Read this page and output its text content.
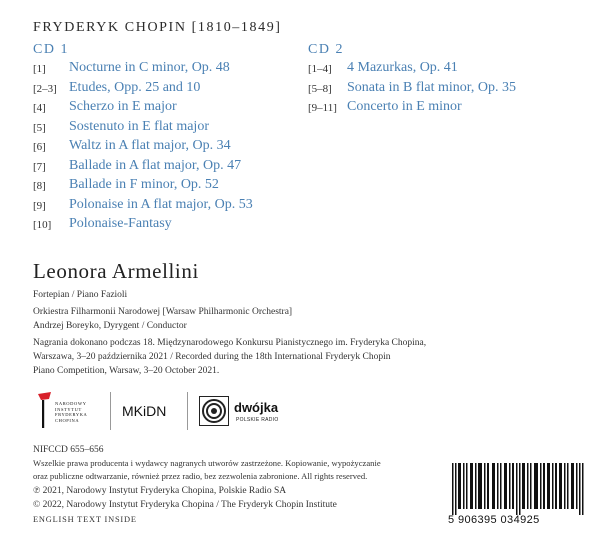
FRYDERYK CHOPIN [1810–1849]
CD 1
[1] Nocturne in C minor, Op. 48
[2–3] Etudes, Opp. 25 and 10
[4] Scherzo in E major
[5] Sostenuto in E flat major
[6] Waltz in A flat major, Op. 34
[7] Ballade in A flat major, Op. 47
[8] Ballade in F minor, Op. 52
[9] Polonaise in A flat major, Op. 53
[10] Polonaise-Fantasy
CD 2
[1–4] 4 Mazurkas, Op. 41
[5–8] Sonata in B flat minor, Op. 35
[9–11] Concerto in E minor
Leonora Armellini
Fortepian / Piano Fazioli
Orkiestra Filharmonii Narodowej [Warsaw Philharmonic Orchestra]
Andrzej Boreyko, Dyrygent / Conductor
Nagrania dokonano podczas 18. Międzynarodowego Konkursu Pianistycznego im. Fryderyka Chopina,
Warszawa, 3–20 października 2021 / Recorded during the 18th International Fryderyk Chopin
Piano Competition, Warsaw, 3–20 October 2021.
NARODOWY
INSTYTUT
FRYDERYKA
CHOPINA
MKiDN	dwójka
POLSKIE RADIO
NIFCCD 655–656
Wszelkie prawa producenta i wydawcy nagranych utworów zastrzeżone. Kopiowanie, wypożyczanie
oraz publiczne odtwarzanie, również przez radio, bez zezwolenia zabronione. All rights reserved.
℗ 2021, Narodowy Instytut Fryderyka Chopina, Polskie Radio SA
© 2022, Narodowy Instytut Fryderyka Chopina / The Fryderyk Chopin Institute
ENGLISH TEXT INSIDE	5 906395 034925
